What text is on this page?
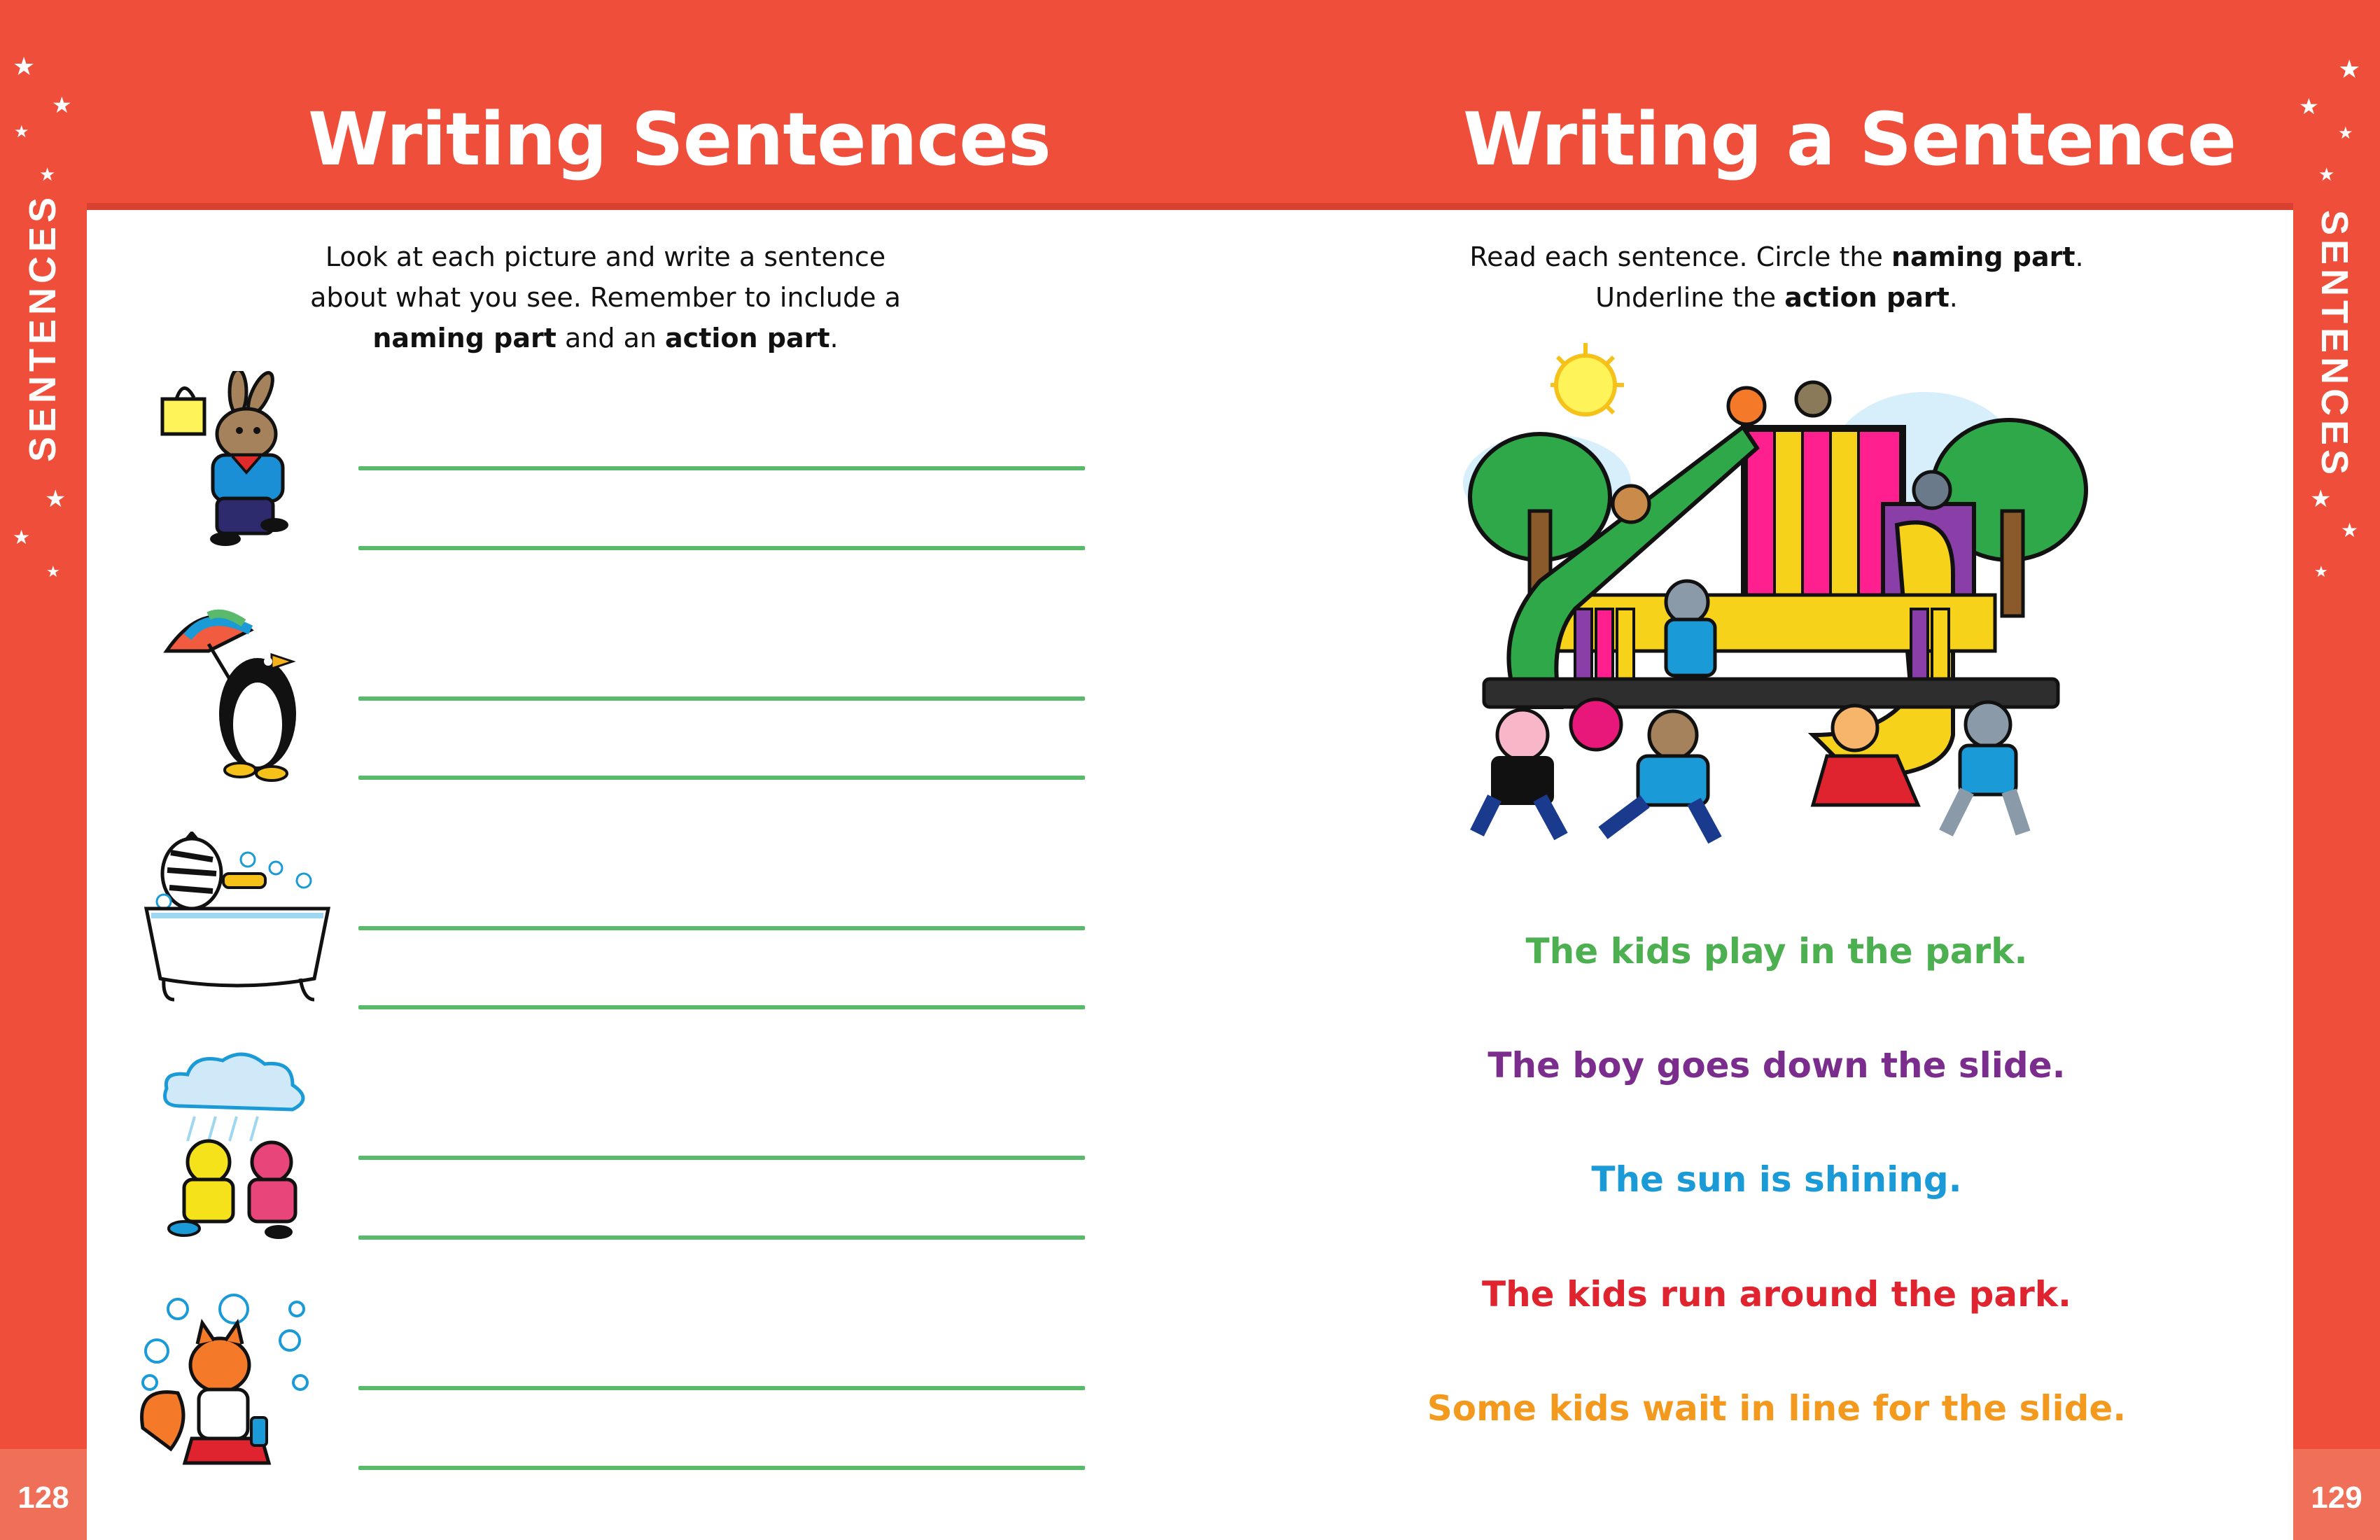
★
★
★
★
★
★
★
★
★
★
★
★
★
★
SENTENCES	SENTENCES
128	129
Writing Sentences	Writing a Sentence
Look at each picture and write a sentence
about what you see. Remember to include a
naming part and an action part.
Read each sentence. Circle the naming part.
Underline the action part.
The kids play in the park.
The boy goes down the slide.
The sun is shining.
The kids run around the park.
Some kids wait in line for the slide.
